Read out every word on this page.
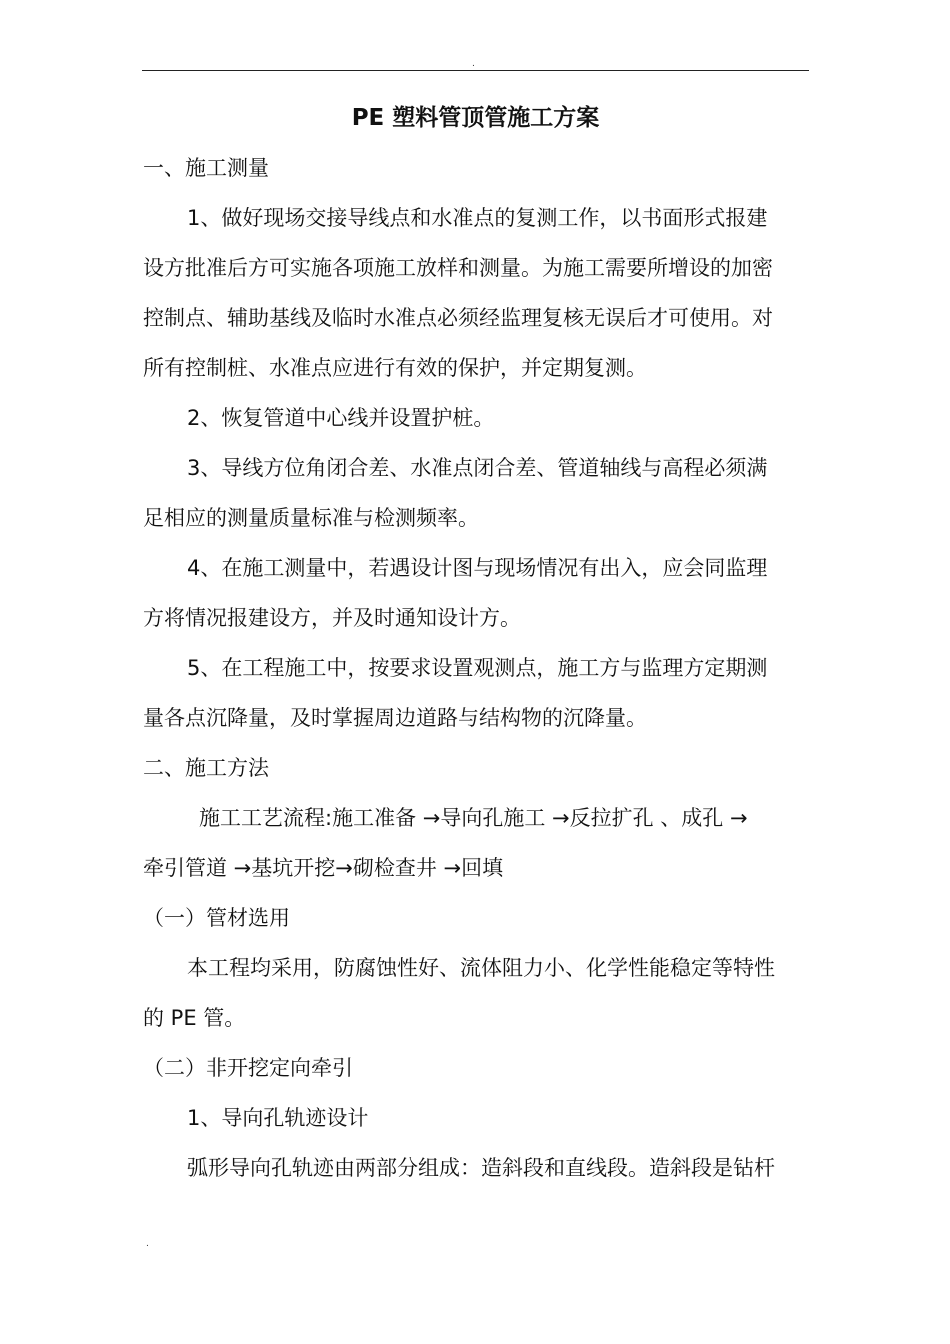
.
PE 塑料管顶管施工方案

一、施工测量

1、做好现场交接导线点和水准点的复测工作，以书面形式报建

设方批准后方可实施各项施工放样和测量。为施工需要所增设的加密

控制点、辅助基线及临时水准点必须经监理复核无误后才可使用。对

所有控制桩、水准点应进行有效的保护，并定期复测。

2、恢复管道中心线并设置护桩。

3、导线方位角闭合差、水准点闭合差、管道轴线与高程必须满

足相应的测量质量标准与检测频率。

4、在施工测量中，若遇设计图与现场情况有出入，应会同监理

方将情况报建设方，并及时通知设计方。

5、在工程施工中，按要求设置观测点，施工方与监理方定期测

量各点沉降量，及时掌握周边道路与结构物的沉降量。

二、施工方法

施工工艺流程:施工准备 →导向孔施工 →反拉扩孔 、成孔 →

牵引管道 →基坑开挖→砌检查井 →回填

（一）管材选用

本工程均采用，防腐蚀性好、流体阻力小、化学性能稳定等特性

的 PE 管。

（二）非开挖定向牵引

1、导向孔轨迹设计

弧形导向孔轨迹由两部分组成：造斜段和直线段。造斜段是钻杆

.
